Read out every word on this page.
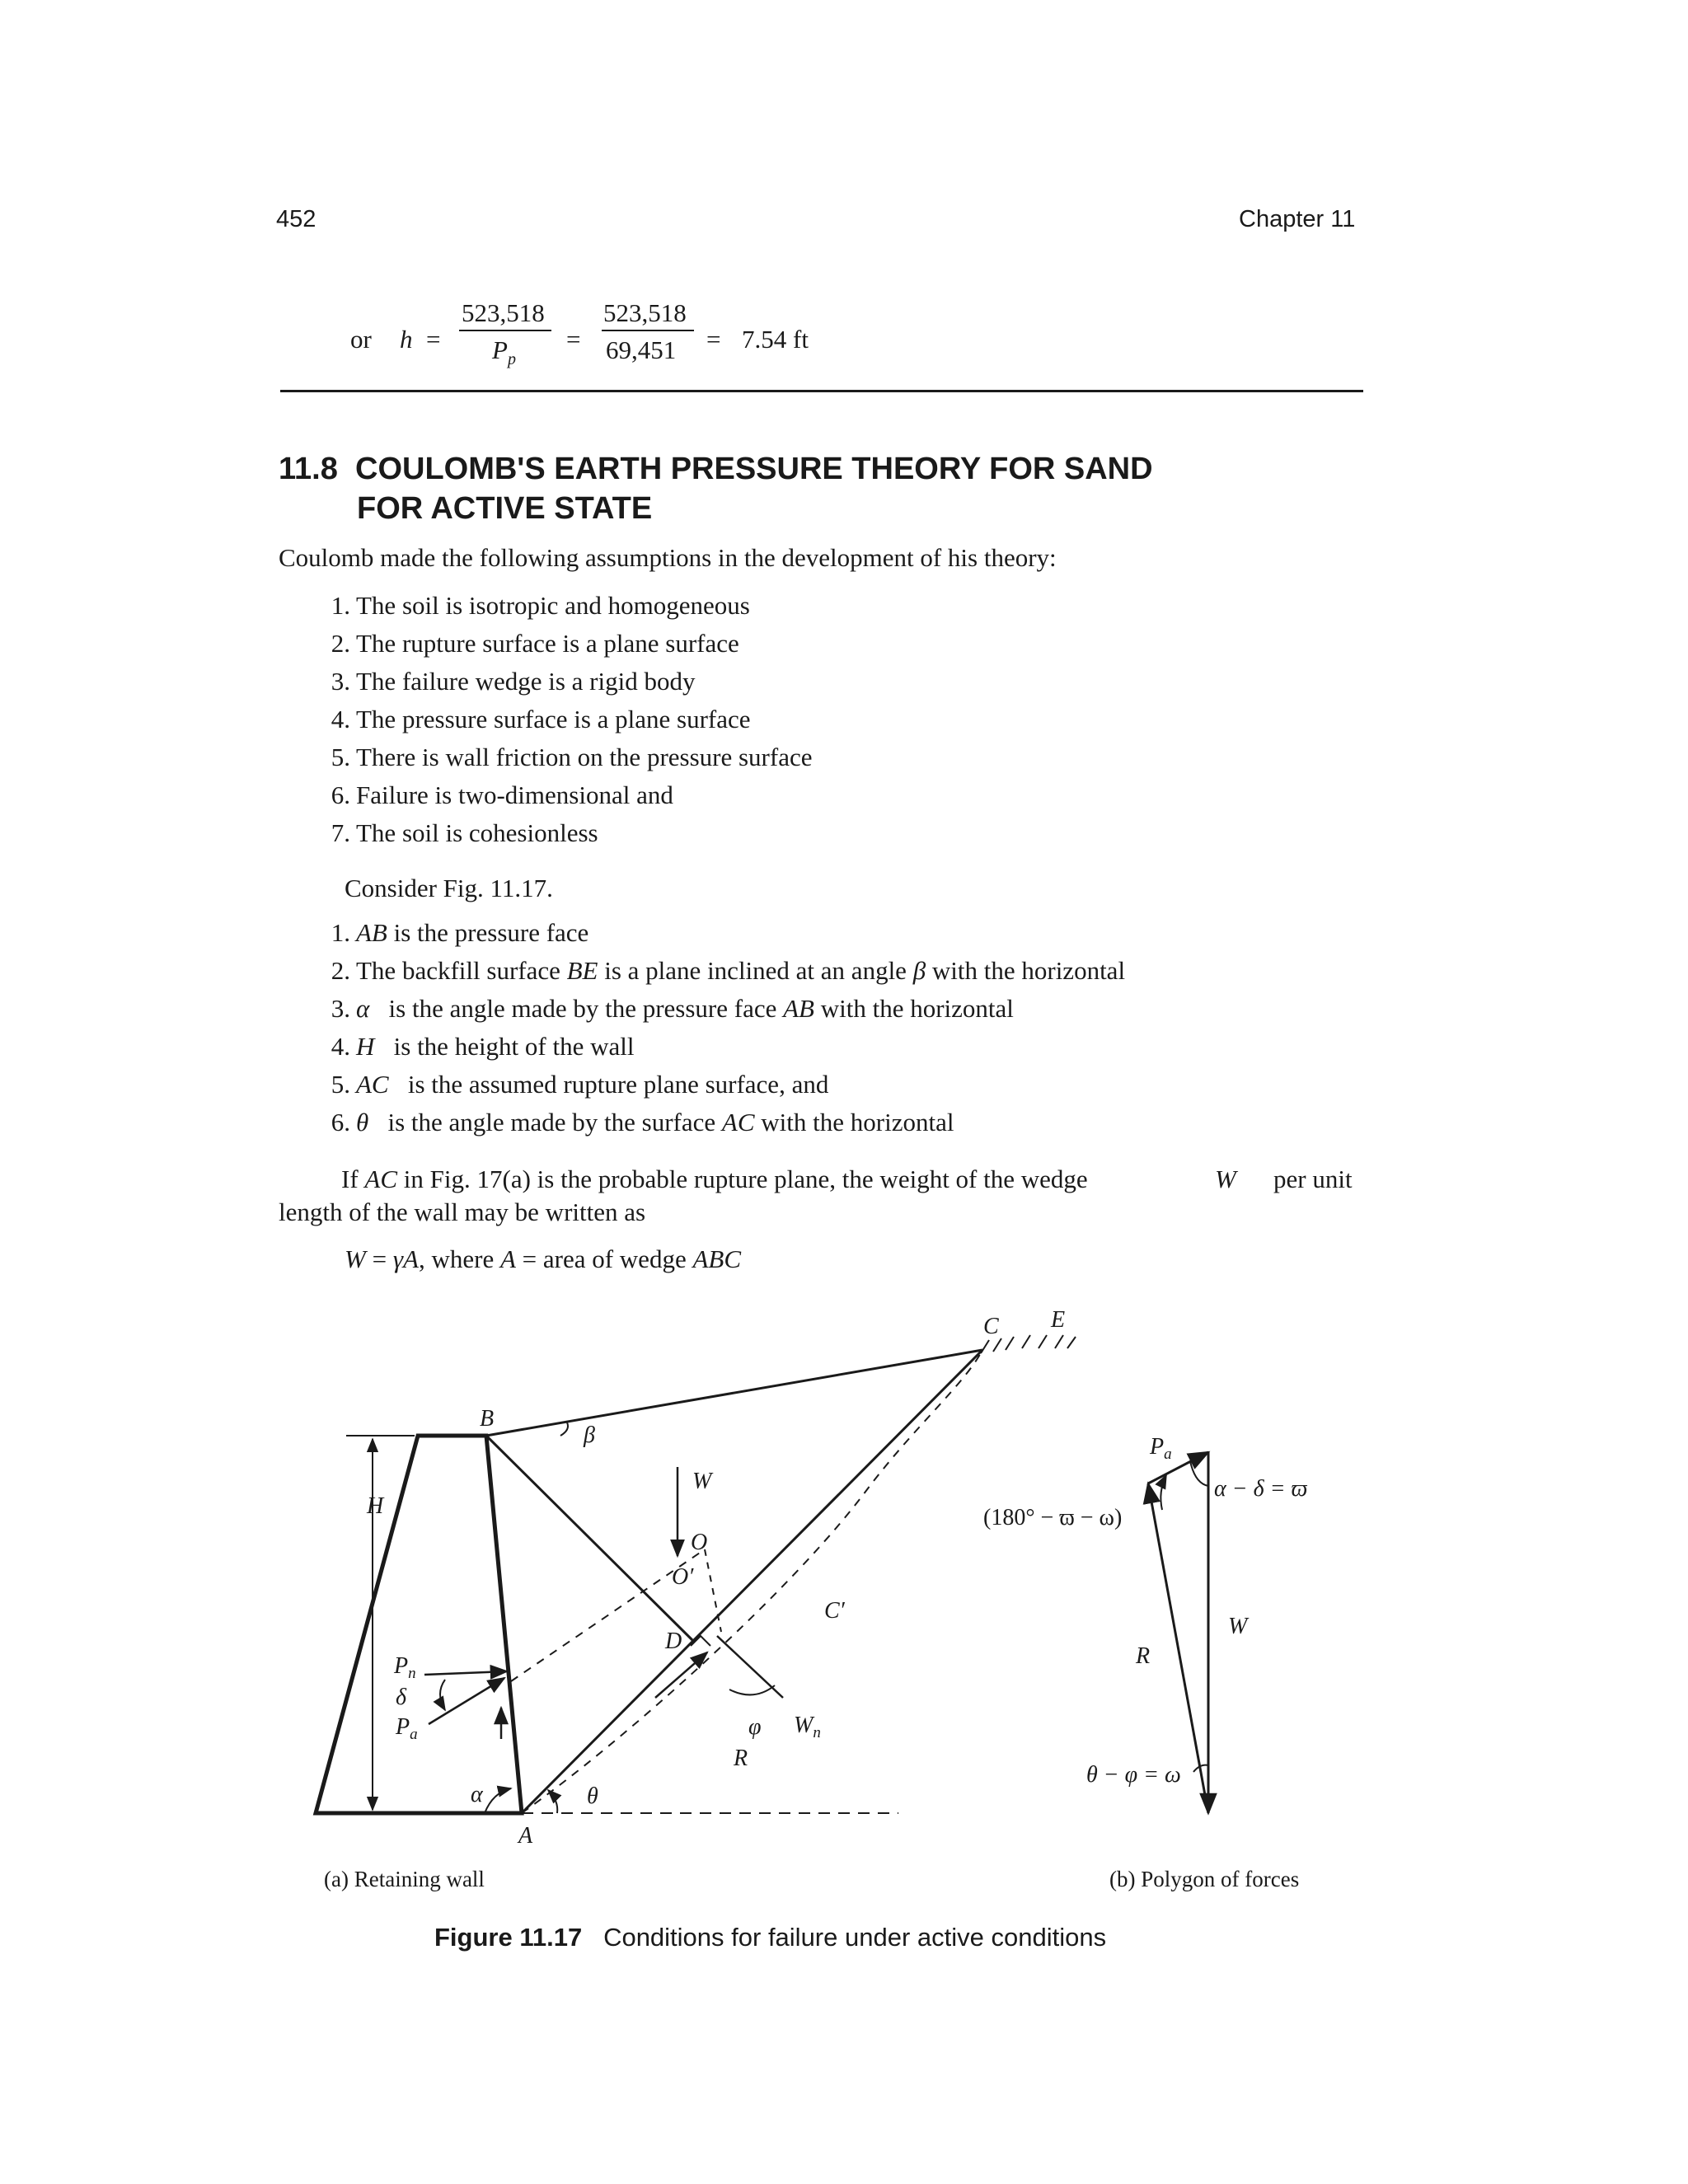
452	Chapter 11
or h =
523,518
$P_p$
=
523,518
69,451 = 7.54 ft
11.8 COULOMB'S EARTH PRESSURE THEORY FOR SAND
FOR ACTIVE STATE
Coulomb made the following assumptions in the development of his theory:
1. The soil is isotropic and homogeneous
2. The rupture surface is a plane surface
3. The failure wedge is a rigid body
4. The pressure surface is a plane surface
5. There is wall friction on the pressure surface
6. Failure is two-dimensional and
7. The soil is cohesionless
Consider Fig. 11.17.
1. AB is the pressure face
2. The backfill surface BE is a plane inclined at an angle β with the horizontal
3. α   is the angle made by the pressure face AB with the horizontal
4. H   is the height of the wall
5. AC   is the assumed rupture plane surface, and
6. θ   is the angle made by the surface AC with the horizontal
If AC in Fig. 17(a) is the probable rupture plane, the weight of the wedge	W per unit
length of the wall may be written as
W = γA, where A = area of wedge ABC
H
B
β
C E
W
O
O′
D
C′
$P_n$
δ
$P_a$
α	θ
A
φ
R
$W_n$
$P_a$
α − δ = ϖ
(180° − ϖ − ω)
W
R
θ − φ = ω
(a) Retaining wall	(b) Polygon of forces
Figure 11.17 Conditions for failure under active conditions
